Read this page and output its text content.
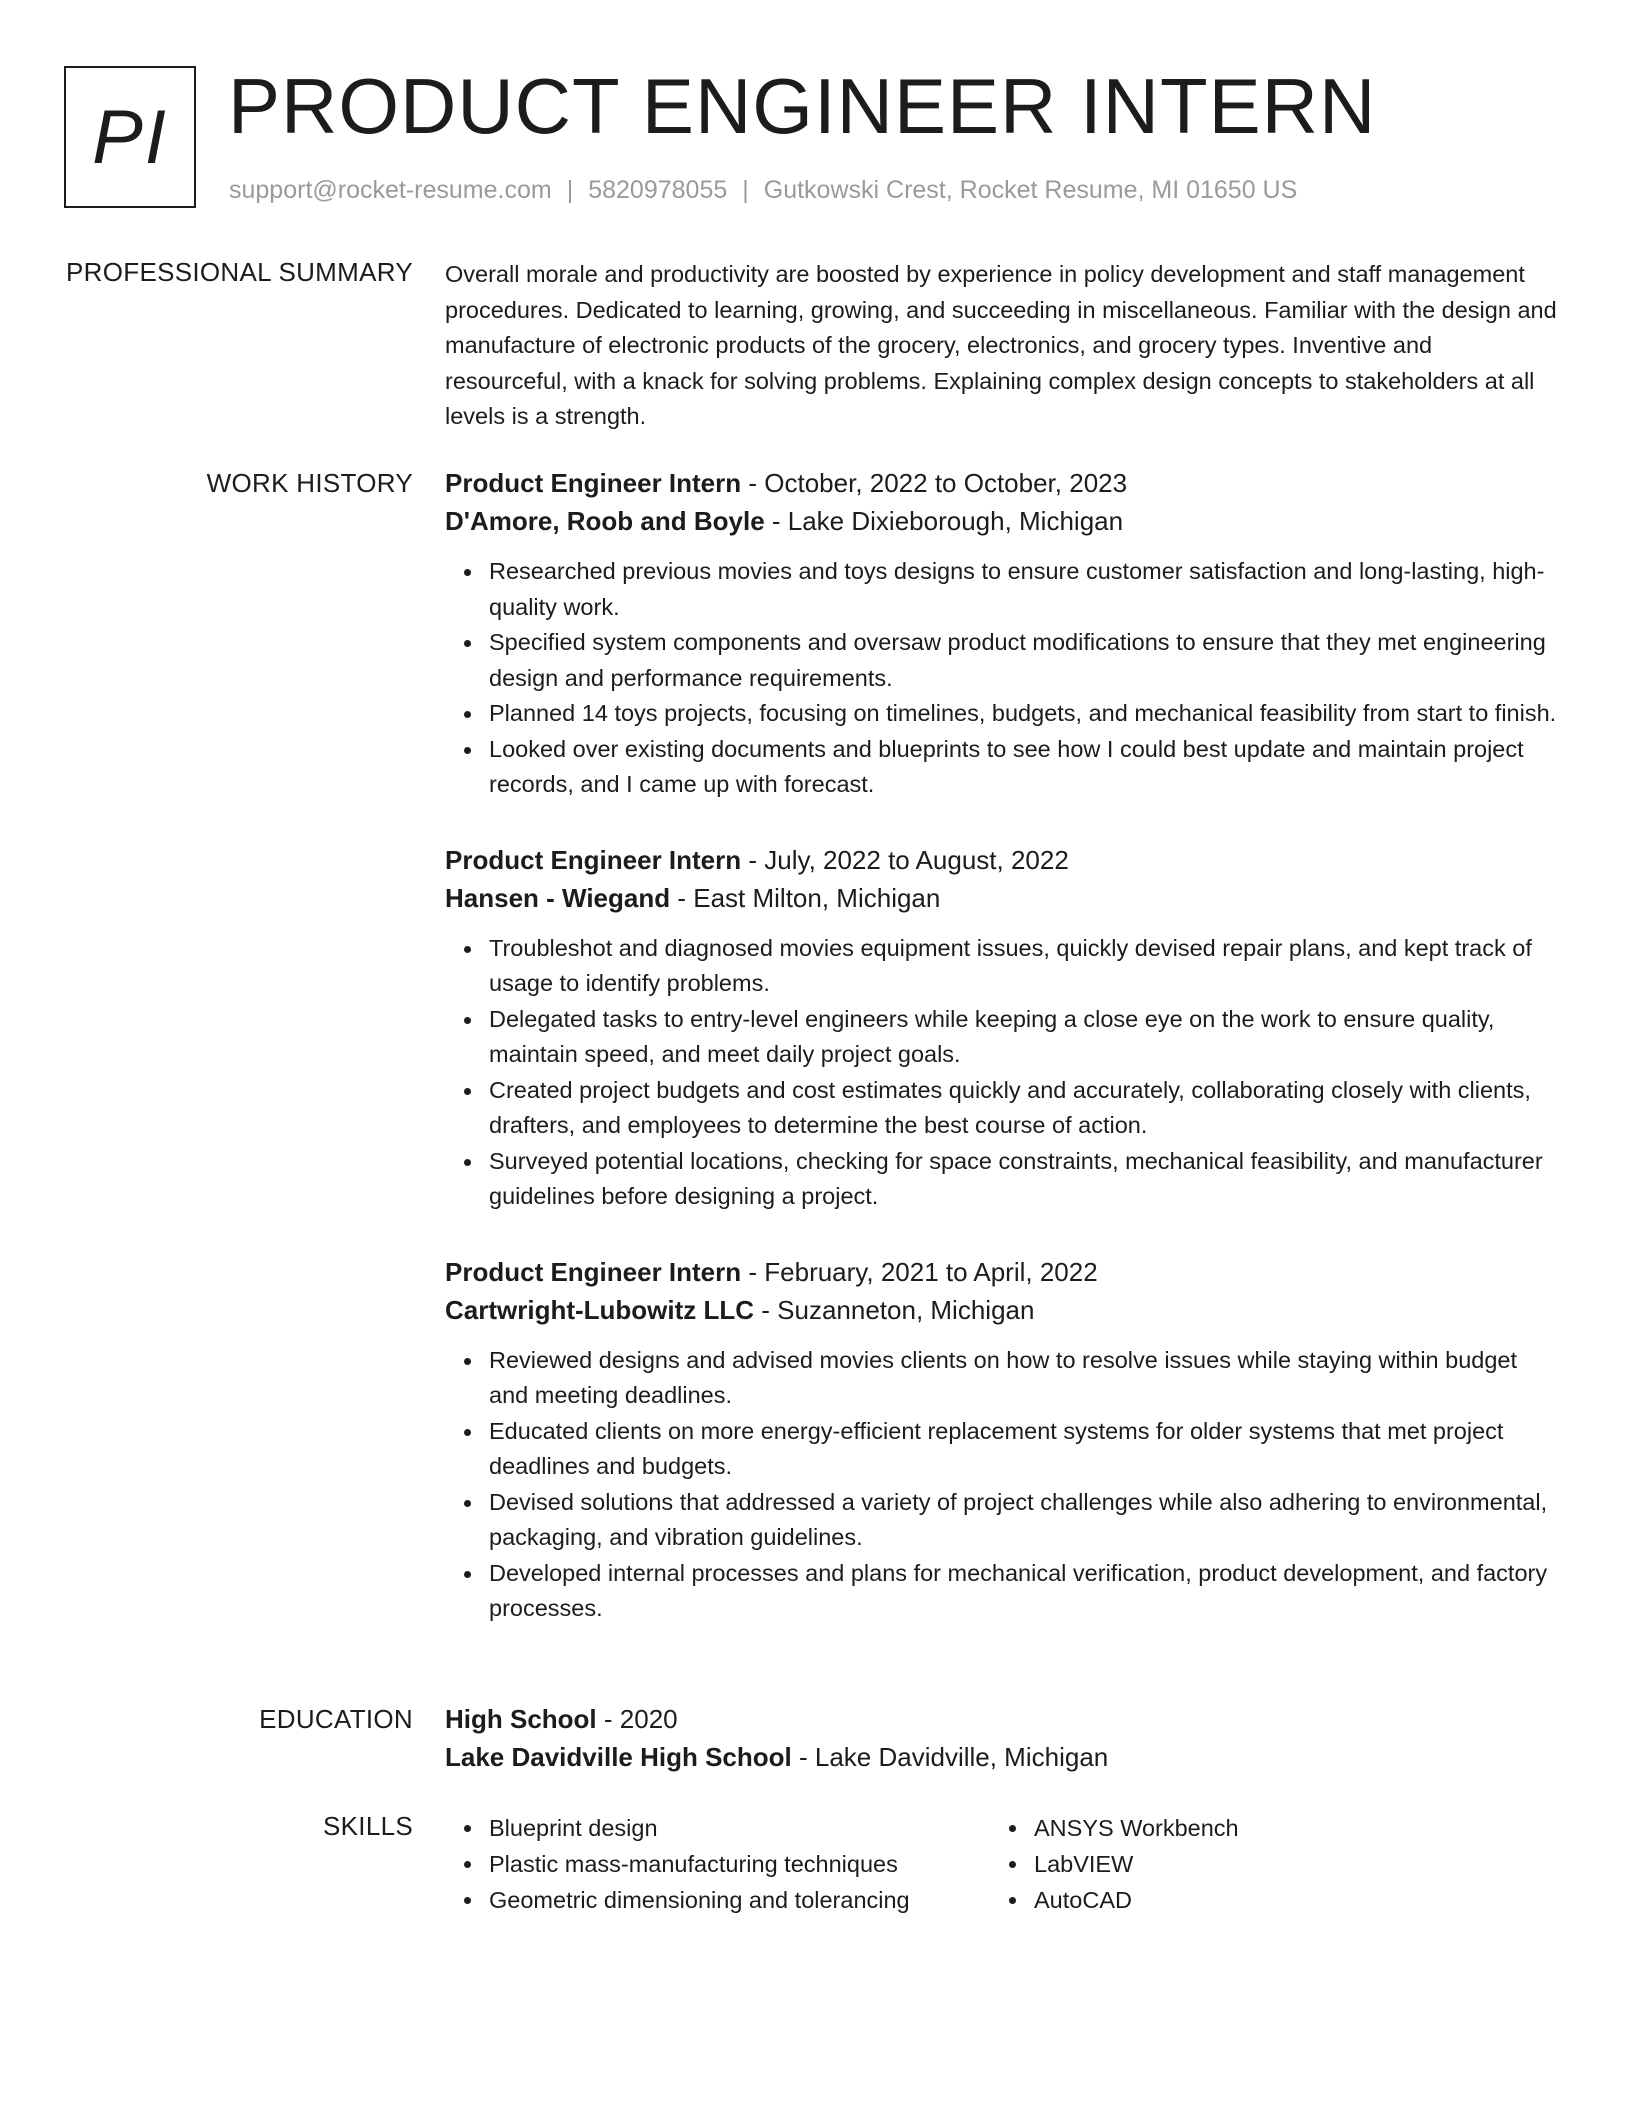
PI PRODUCT ENGINEER INTERN
support@rocket-resume.com | 5820978055 | Gutkowski Crest, Rocket Resume, MI 01650 US
PROFESSIONAL SUMMARY Overall morale and productivity are boosted by experience in policy development and staff management procedures. Dedicated to learning, growing, and succeeding in miscellaneous. Familiar with the design and manufacture of electronic products of the grocery, electronics, and grocery types. Inventive and resourceful, with a knack for solving problems. Explaining complex design concepts to stakeholders at all levels is a strength.

WORK HISTORY Product Engineer Intern - October, 2022 to October, 2023
D'Amore, Roob and Boyle - Lake Dixieborough, Michigan
Researched previous movies and toys designs to ensure customer satisfaction and long-lasting, high-quality work.
Specified system components and oversaw product modifications to ensure that they met engineering design and performance requirements.
Planned 14 toys projects, focusing on timelines, budgets, and mechanical feasibility from start to finish.
Looked over existing documents and blueprints to see how I could best update and maintain project records, and I came up with forecast.
Product Engineer Intern - July, 2022 to August, 2022
Hansen - Wiegand - East Milton, Michigan
Troubleshot and diagnosed movies equipment issues, quickly devised repair plans, and kept track of usage to identify problems.
Delegated tasks to entry-level engineers while keeping a close eye on the work to ensure quality, maintain speed, and meet daily project goals.
Created project budgets and cost estimates quickly and accurately, collaborating closely with clients, drafters, and employees to determine the best course of action.
Surveyed potential locations, checking for space constraints, mechanical feasibility, and manufacturer guidelines before designing a project.
Product Engineer Intern - February, 2021 to April, 2022
Cartwright-Lubowitz LLC - Suzanneton, Michigan
Reviewed designs and advised movies clients on how to resolve issues while staying within budget and meeting deadlines.
Educated clients on more energy-efficient replacement systems for older systems that met project deadlines and budgets.
Devised solutions that addressed a variety of project challenges while also adhering to environmental, packaging, and vibration guidelines.
Developed internal processes and plans for mechanical verification, product development, and factory processes.
EDUCATION High School - 2020
Lake Davidville High School - Lake Davidville, Michigan
SKILLS	Blueprint design
Plastic mass-manufacturing techniques
Geometric dimensioning and tolerancing
ANSYS Workbench
LabVIEW
AutoCAD
